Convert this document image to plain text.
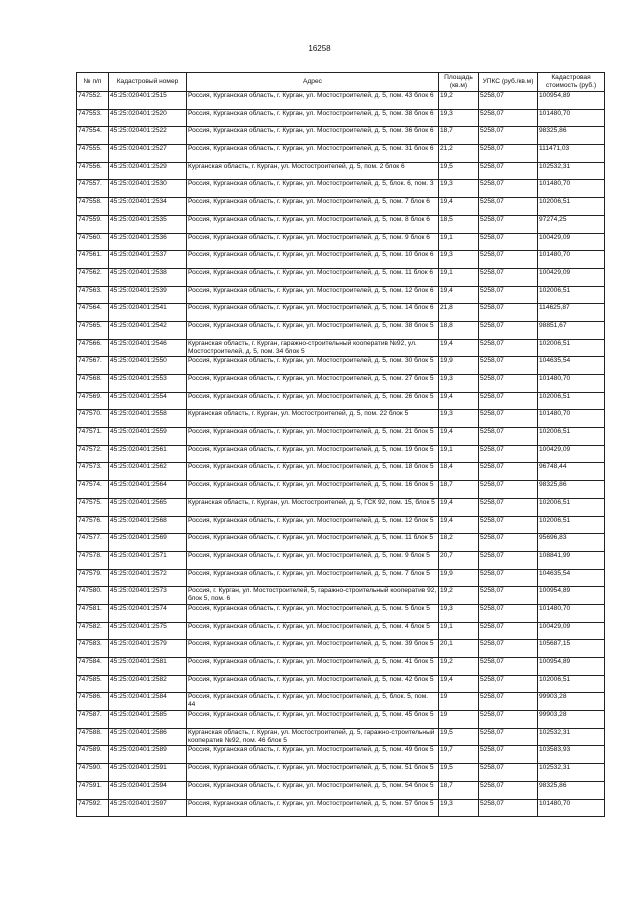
16258
№ п/п	Кадастровый номер	Адрес	Площадь (кв.м)	УПКС (руб./кв.м)	Кадастровая стоимость (руб.)
747552.	45:25:020401:2515	Россия, Курганская область, г. Курган, ул. Мостостроителей, д. 5, пом. 43 блок 6	19,2	5258,07	100954,89
747553.	45:25:020401:2520	Россия, Курганская область, г. Курган, ул. Мостостроителей, д. 5, пом. 38 блок 6	19,3	5258,07	101480,70
747554.	45:25:020401:2522	Россия, Курганская область, г. Курган, ул. Мостостроителей, д. 5, пом. 36 блок 6	18,7	5258,07	98325,86
747555.	45:25:020401:2527	Россия, Курганская область, г. Курган, ул. Мостостроителей, д. 5, пом. 31 блок 6	21,2	5258,07	111471,03
747556.	45:25:020401:2529	Курганская область, г. Курган, ул. Мостостроителей, д. 5, пом. 2 блок 6	19,5	5258,07	102532,31
747557.	45:25:020401:2530	Россия, Курганская область, г. Курган, ул. Мостостроителей, д. 5, блок. 6, пом. 3	19,3	5258,07	101480,70
747558.	45:25:020401:2534	Россия, Курганская область, г. Курган, ул. Мостостроителей, д. 5, пом. 7 блок 6	19,4	5258,07	102006,51
747559.	45:25:020401:2535	Россия, Курганская область, г. Курган, ул. Мостостроителей, д. 5, пом. 8 блок 6	18,5	5258,07	97274,25
747560.	45:25:020401:2536	Россия, Курганская область, г. Курган, ул. Мостостроителей, д. 5, пом. 9 блок 6	19,1	5258,07	100429,09
747561.	45:25:020401:2537	Россия, Курганская область, г. Курган, ул. Мостостроителей, д. 5, пом. 10 блок 6	19,3	5258,07	101480,70
747562.	45:25:020401:2538	Россия, Курганская область, г. Курган, ул. Мостостроителей, д. 5, пом. 11 блок 6	19,1	5258,07	100429,09
747563.	45:25:020401:2539	Россия, Курганская область, г. Курган, ул. Мостостроителей, д. 5, пом. 12 блок 6	19,4	5258,07	102006,51
747564.	45:25:020401:2541	Россия, Курганская область, г. Курган, ул. Мостостроителей, д. 5, пом. 14 блок 6	21,8	5258,07	114625,87
747565.	45:25:020401:2542	Россия, Курганская область, г. Курган, ул. Мостостроителей, д. 5, пом. 38 блок 5	18,8	5258,07	98851,67
747566.	45:25:020401:2546	Курганская область, г. Курган, гаражно-строительный кооператив №92, ул. Мостостроителей, д. 5, пом. 34 блок 5	19,4	5258,07	102006,51
747567.	45:25:020401:2550	Россия, Курганская область, г. Курган, ул. Мостостроителей, д. 5, пом. 30 блок 5	19,9	5258,07	104635,54
747568.	45:25:020401:2553	Россия, Курганская область, г. Курган, ул. Мостостроителей, д. 5, пом. 27 блок 5	19,3	5258,07	101480,70
747569.	45:25:020401:2554	Россия, Курганская область, г. Курган, ул. Мостостроителей, д. 5, пом. 26 блок 5	19,4	5258,07	102006,51
747570.	45:25:020401:2558	Курганская область, г. Курган, ул. Мостостроителей, д. 5, пом. 22 блок 5	19,3	5258,07	101480,70
747571.	45:25:020401:2559	Россия, Курганская область, г. Курган, ул. Мостостроителей, д. 5, пом. 21 блок 5	19,4	5258,07	102006,51
747572.	45:25:020401:2561	Россия, Курганская область, г. Курган, ул. Мостостроителей, д. 5, пом. 19 блок 5	19,1	5258,07	100429,09
747573.	45:25:020401:2562	Россия, Курганская область, г. Курган, ул. Мостостроителей, д. 5, пом. 18 блок 5	18,4	5258,07	96748,44
747574.	45:25:020401:2564	Россия, Курганская область, г. Курган, ул. Мостостроителей, д. 5, пом. 16 блок 5	18,7	5258,07	98325,86
747575.	45:25:020401:2565	Курганская область, г. Курган, ул. Мостостроителей, д. 5, ГСК 92, пом. 15, блок 5	19,4	5258,07	102006,51
747576.	45:25:020401:2568	Россия, Курганская область, г. Курган, ул. Мостостроителей, д. 5, пом. 12 блок 5	19,4	5258,07	102006,51
747577.	45:25:020401:2569	Россия, Курганская область, г. Курган, ул. Мостостроителей, д. 5, пом. 11 блок 5	18,2	5258,07	95696,83
747578.	45:25:020401:2571	Россия, Курганская область, г. Курган, ул. Мостостроителей, д. 5, пом. 9 блок 5	20,7	5258,07	108841,99
747579.	45:25:020401:2572	Россия, Курганская область, г. Курган, ул. Мостостроителей, д. 5, пом. 7 блок 5	19,9	5258,07	104635,54
747580.	45:25:020401:2573	Россия, г. Курган, ул. Мостостроителей, 5, гаражно-строительный кооператив 92, блок 5, пом. 6	19,2	5258,07	100954,89
747581.	45:25:020401:2574	Россия, Курганская область, г. Курган, ул. Мостостроителей, д. 5, пом. 5 блок 5	19,3	5258,07	101480,70
747582.	45:25:020401:2575	Россия, Курганская область, г. Курган, ул. Мостостроителей, д. 5, пом. 4 блок 5	19,1	5258,07	100429,09
747583.	45:25:020401:2579	Россия, Курганская область, г. Курган, ул. Мостостроителей, д. 5, пом. 39 блок 5	20,1	5258,07	105687,15
747584.	45:25:020401:2581	Россия, Курганская область, г. Курган, ул. Мостостроителей, д. 5, пом. 41 блок 5	19,2	5258,07	100954,89
747585.	45:25:020401:2582	Россия, Курганская область, г. Курган, ул. Мостостроителей, д. 5, пом. 42 блок 5	19,4	5258,07	102006,51
747586.	45:25:020401:2584	Россия, Курганская область, г. Курган, ул. Мостостроителей, д. 5, блок. 5, пом. 44	19	5258,07	99903,28
747587.	45:25:020401:2585	Россия, Курганская область, г. Курган, ул. Мостостроителей, д. 5, пом. 45 блок 5	19	5258,07	99903,28
747588.	45:25:020401:2586	Курганская область, г. Курган, ул. Мостостроителей, д. 5, гаражно-строительный кооператив №92, пом. 46 блок 5	19,5	5258,07	102532,31
747589.	45:25:020401:2589	Россия, Курганская область, г. Курган, ул. Мостостроителей, д. 5, пом. 49 блок 5	19,7	5258,07	103583,93
747590.	45:25:020401:2591	Россия, Курганская область, г. Курган, ул. Мостостроителей, д. 5, пом. 51 блок 5	19,5	5258,07	102532,31
747591.	45:25:020401:2594	Россия, Курганская область, г. Курган, ул. Мостостроителей, д. 5, пом. 54 блок 5	18,7	5258,07	98325,86
747592.	45:25:020401:2597	Россия, Курганская область, г. Курган, ул. Мостостроителей, д. 5, пом. 57 блок 5	19,3	5258,07	101480,70
